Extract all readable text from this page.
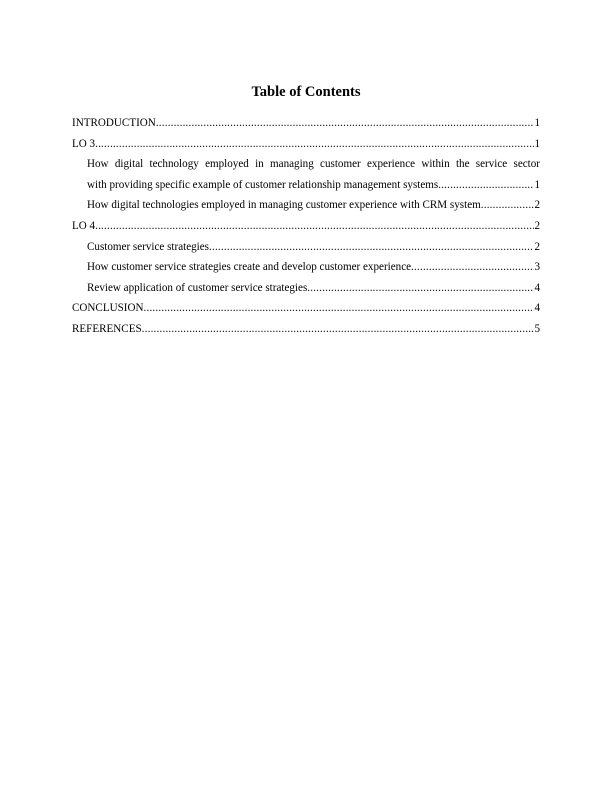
Table of Contents
INTRODUCTION .....	1
LO 3 .....	1
How digital technology employed in managing customer experience within the service sector
with providing specific example of customer relationship management systems .....	1
How digital technologies employed in managing customer experience with CRM system .....	2
LO 4 .....	2
Customer service strategies .....	2
How customer service strategies create and develop customer experience .....	3
Review application of customer service strategies .....	4
CONCLUSION .....	4
REFERENCES .....	5
